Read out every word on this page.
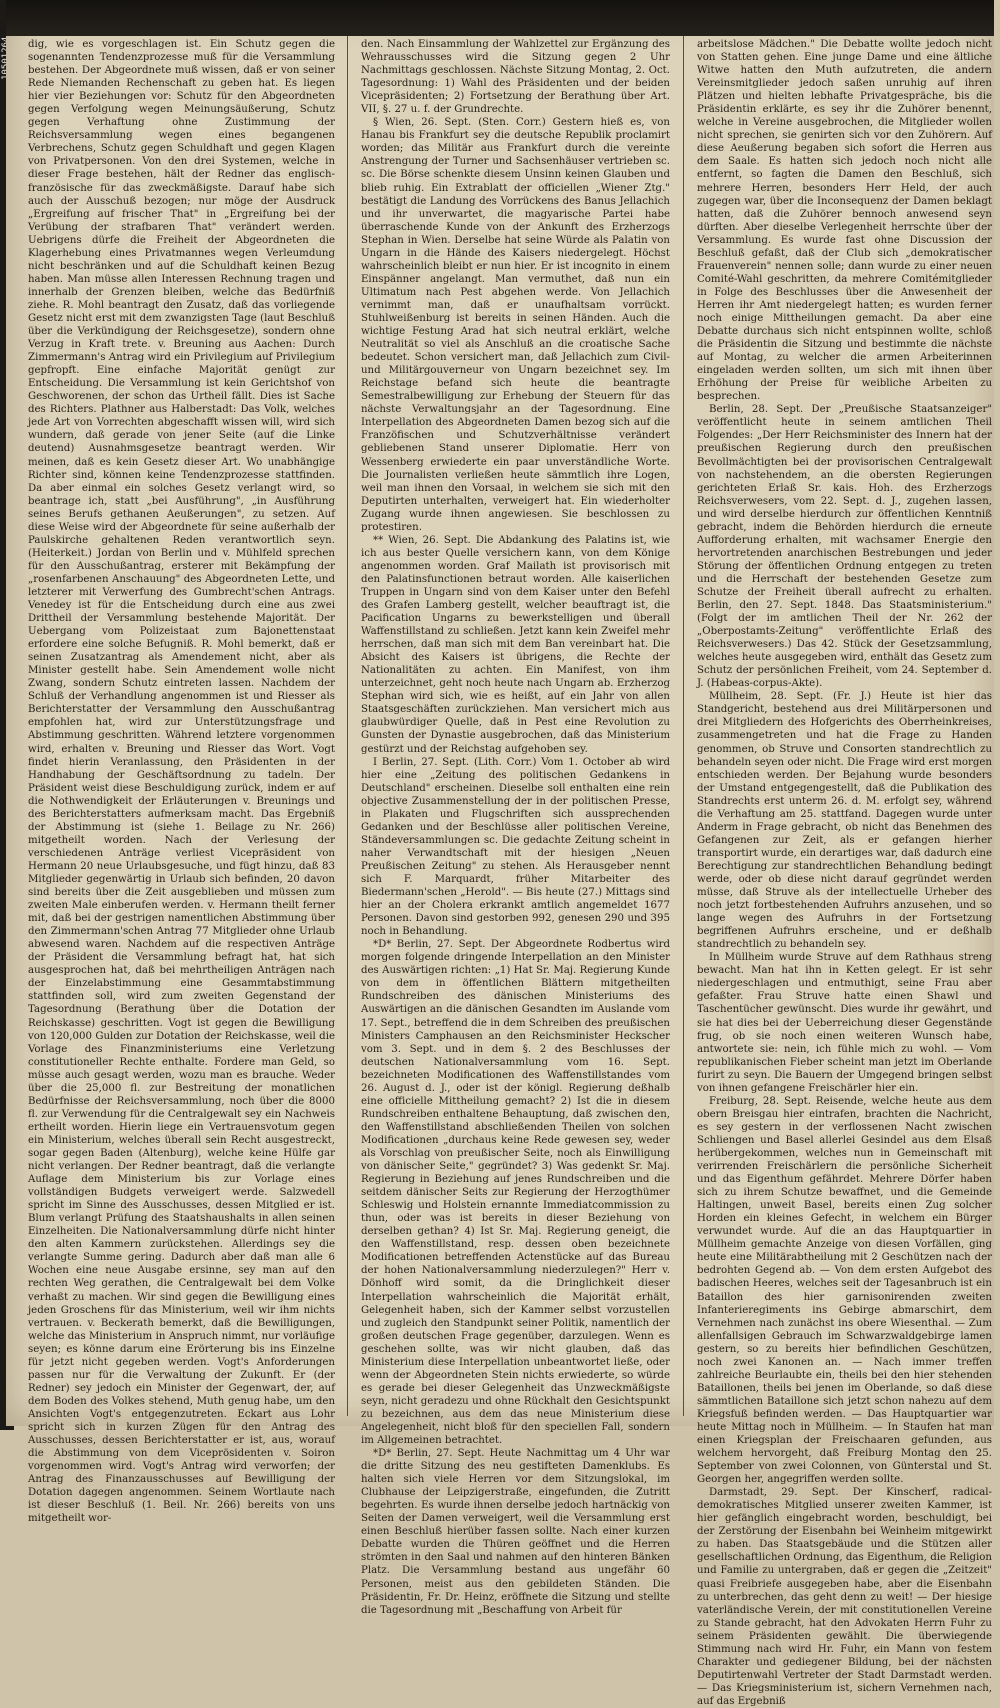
dig, wie es vorgeschlagen ist. Ein Schutz gegen die sogenannten Tendenzprozesse muß für die Versammlung bestehen. Der Abgeordnete muß wissen, daß er von seiner Rede Niemanden Rechenschaft zu geben hat. Es liegen hier vier Beziehungen vor: Schutz für den Abgeordneten gegen Verfolgung wegen Meinungsäußerung, Schutz gegen Verhaftung ohne Zustimmung der Reichsversammlung wegen eines begangenen Verbrechens, Schutz gegen Schuldhaft und gegen Klagen von Privatpersonen. Von den drei Systemen, welche in dieser Frage bestehen, hält der Redner das englisch-französische für das zweckmäßigste. Darauf habe sich auch der Ausschuß bezogen; nur möge der Ausdruck „Ergreifung auf frischer That" in „Ergreifung bei der Verübung der strafbaren That" verändert werden. Uebrigens dürfe die Freiheit der Abgeordneten die Klagerhebung eines Privatmannes wegen Verleumdung nicht beschränken und auf die Schuldhaft keinen Bezug haben. Man müsse allen Interessen Rechnung tragen und innerhalb der Grenzen bleiben, welche das Bedürfniß ziehe. R. Mohl beantragt den Zusatz, daß das vorliegende Gesetz nicht erst mit dem zwanzigsten Tage (laut Beschluß über die Verkündigung der Reichsgesetze), sondern ohne Verzug in Kraft trete. v. Breuning aus Aachen: Durch Zimmermann's Antrag wird ein Privilegium auf Privilegium gepfropft. Eine einfache Majorität genügt zur Entscheidung. Die Versammlung ist kein Gerichtshof von Geschworenen, der schon das Urtheil fällt. Dies ist Sache des Richters. Plathner aus Halberstadt: Das Volk, welches jede Art von Vorrechten abgeschafft wissen will, wird sich wundern, daß gerade von jener Seite (auf die Linke deutend) Ausnahmsgesetze beantragt werden. Wir meinen, daß es kein Gesetz dieser Art. Wo unabhängige Richter sind, können keine Tendenzprozesse stattfinden. Da aber einmal ein solches Gesetz verlangt wird, so beantrage ich, statt „bei Ausführung", „in Ausführung seines Berufs gethanen Aeußerungen", zu setzen. Auf diese Weise wird der Abgeordnete für seine außerhalb der Paulskirche gehaltenen Reden verantwortlich seyn. (Heiterkeit.) Jordan von Berlin und v. Mühlfeld sprechen für den Ausschußantrag, ersterer mit Bekämpfung der „rosenfarbenen Anschauung" des Abgeordneten Lette, und letzterer mit Verwerfung des Gumbrecht'schen Antrags. Venedey ist für die Entscheidung durch eine aus zwei Drittheil der Versammlung bestehende Majorität. Der Uebergang vom Polizeistaat zum Bajonettenstaat erfordere eine solche Befugniß. R. Mohl bemerkt, daß er seinen Zusatzantrag als Amendement nicht, aber als Minister gestellt habe. Sein Amendement wolle nicht Zwang, sondern Schutz eintreten lassen. Nachdem der Schluß der Verhandlung angenommen ist und Riesser als Berichterstatter der Versammlung den Ausschußantrag empfohlen hat, wird zur Unterstützungsfrage und Abstimmung geschritten. Während letztere vorgenommen wird, erhalten v. Breuning und Riesser das Wort. Vogt findet hierin Veranlassung, den Präsidenten in der Handhabung der Geschäftsordnung zu tadeln. Der Präsident weist diese Beschuldigung zurück, indem er auf die Nothwendigkeit der Erläuterungen v. Breunings und des Berichterstatters aufmerksam macht. Das Ergebniß der Abstimmung ist (siehe 1. Beilage zu Nr. 266) mitgetheilt worden. Nach der Verlesung der verschiedenen Anträge verliest Vicepräsident von Hermann 20 neue Urlaubsgesuche, und fügt hinzu, daß 83 Mitglieder gegenwärtig in Urlaub sich befinden, 20 davon sind bereits über die Zeit ausgeblieben und müssen zum zweiten Male einberufen werden. v. Hermann theilt ferner mit, daß bei der gestrigen namentlichen Abstimmung über den Zimmermann'schen Antrag 77 Mitglieder ohne Urlaub abwesend waren. Nachdem auf die respectiven Anträge der Präsident die Versammlung befragt hat, hat sich ausgesprochen hat, daß bei mehrtheiligen Anträgen nach der Einzelabstimmung eine Gesammtabstimmung stattfinden soll, wird zum zweiten Gegenstand der Tagesordnung (Berathung über die Dotation der Reichskasse) geschritten. Vogt ist gegen die Bewilligung von 120,000 Gulden zur Dotation der Reichskasse, weil die Vorlage des Finanzministeriums eine Verletzung constitutioneller Rechte enthalte. Fordere man Geld, so müsse auch gesagt werden, wozu man es brauche. Weder über die 25,000 fl. zur Bestreitung der monatlichen Bedürfnisse der Reichsversammlung, noch über die 8000 fl. zur Verwendung für die Centralgewalt sey ein Nachweis ertheilt worden. Hierin liege ein Vertrauensvotum gegen ein Ministerium, welches überall sein Recht ausgestreckt, sogar gegen Baden (Altenburg), welche keine Hülfe gar nicht verlangen. Der Redner beantragt, daß die verlangte Auflage dem Ministerium bis zur Vorlage eines vollständigen Budgets verweigert werde. Salzwedell spricht im Sinne des Ausschusses, dessen Mitglied er ist. Blum verlangt Prüfung des Staatshaushalts in allen seinen Einzelheiten. Die Nationalversammlung dürfe nicht hinter den alten Kammern zurückstehen. Allerdings sey die verlangte Summe gering. Dadurch aber daß man alle 6 Wochen eine neue Ausgabe ersinne, sey man auf den rechten Weg gerathen, die Centralgewalt bei dem Volke verhaßt zu machen. Wir sind gegen die Bewilligung eines jeden Groschens für das Ministerium, weil wir ihm nichts vertrauen. v. Beckerath bemerkt, daß die Bewilligungen, welche das Ministerium in Anspruch nimmt, nur vorläufige seyen; es könne darum eine Erörterung bis ins Einzelne für jetzt nicht gegeben werden. Vogt's Anforderungen passen nur für die Verwaltung der Zukunft. Er (der Redner) sey jedoch ein Minister der Gegenwart, der, auf dem Boden des Volkes stehend, Muth genug habe, um den Ansichten Vogt's entgegenzutreten. Eckart aus Lohr spricht sich in kurzen Zügen für den Antrag des Ausschusses, dessen Berichterstatter er ist, aus, worauf die Abstimmung von dem Viceprösidenten v. Soiron vorgenommen wird. Vogt's Antrag wird verworfen; der Antrag des Finanzausschusses auf Bewilligung der Dotation dagegen angenommen. Seinem Wortlaute nach ist dieser Beschluß (1. Beil. Nr. 266) bereits von uns mitgetheilt wor-

den. Nach Einsammlung der Wahlzettel zur Ergänzung des Wehrausschusses wird die Sitzung gegen 2 Uhr Nachmittags geschlossen. Nächste Sitzung Montag, 2. Oct. Tagesordnung: 1) Wahl des Präsidenten und der beiden Vicepräsidenten; 2) Fortsetzung der Berathung über Art. VII, §. 27 u. f. der Grundrechte.

§ Wien, 26. Sept. (Sten. Corr.) Gestern hieß es, von Hanau bis Frankfurt sey die deutsche Republik proclamirt worden; das Militär aus Frankfurt durch die vereinte Anstrengung der Turner und Sachsenhäuser vertrieben sc. sc. Die Börse schenkte diesem Unsinn keinen Glauben und blieb ruhig. Ein Extrablatt der officiellen „Wiener Ztg." bestätigt die Landung des Vorrückens des Banus Jellachich und ihr unverwartet, die magyarische Partei habe überraschende Kunde von der Ankunft des Erzherzogs Stephan in Wien. Derselbe hat seine Würde als Palatin von Ungarn in die Hände des Kaisers niedergelegt. Höchst wahrscheinlich bleibt er nun hier. Er ist incognito in einem Einspänner angelangt. Man vermuthet, daß nun ein Ultimatum nach Pest abgehen werde. Von Jellachich vernimmt man, daß er unaufhaltsam vorrückt. Stuhlweißenburg ist bereits in seinen Händen. Auch die wichtige Festung Arad hat sich neutral erklärt, welche Neutralität so viel als Anschluß an die croatische Sache bedeutet. Schon versichert man, daß Jellachich zum Civil- und Militärgouverneur von Ungarn bezeichnet sey. Im Reichstage befand sich heute die beantragte Semestralbewilligung zur Erhebung der Steuern für das nächste Verwaltungsjahr an der Tagesordnung. Eine Interpellation des Abgeordneten Damen bezog sich auf die Franzöfischen und Schutzverhältnisse verändert gebliebenen Stand unserer Diplomatie. Herr von Wessenberg erwiederte ein paar unverständliche Worte. Die Journalisten verließen heute sämmtlich ihre Logen, weil man ihnen den Vorsaal, in welchem sie sich mit den Deputirten unterhalten, verweigert hat. Ein wiederholter Zugang wurde ihnen angewiesen. Sie beschlossen zu protestiren.

** Wien, 26. Sept. Die Abdankung des Palatins ist, wie ich aus bester Quelle versichern kann, von dem Könige angenommen worden. Graf Mailath ist provisorisch mit den Palatinsfunctionen betraut worden. Alle kaiserlichen Truppen in Ungarn sind von dem Kaiser unter den Befehl des Grafen Lamberg gestellt, welcher beauftragt ist, die Pacification Ungarns zu bewerkstelligen und überall Waffenstillstand zu schließen. Jetzt kann kein Zweifel mehr herrschen, daß man sich mit dem Ban vereinbart hat. Die Absicht des Kaisers ist übrigens, die Rechte der Nationalitäten zu achten. Ein Manifest, von ihm unterzeichnet, geht noch heute nach Ungarn ab. Erzherzog Stephan wird sich, wie es heißt, auf ein Jahr von allen Staatsgeschäften zurückziehen. Man versichert mich aus glaubwürdiger Quelle, daß in Pest eine Revolution zu Gunsten der Dynastie ausgebrochen, daß das Ministerium gestürzt und der Reichstag aufgehoben sey.

I Berlin, 27. Sept. (Lith. Corr.) Vom 1. October ab wird hier eine „Zeitung des politischen Gedankens in Deutschland" erscheinen. Dieselbe soll enthalten eine rein objective Zusammenstellung der in der politischen Presse, in Plakaten und Flugschriften sich aussprechenden Gedanken und der Beschlüsse aller politischen Vereine, Ständeversammlungen sc. Die gedachte Zeitung scheint in naher Verwandtschaft mit der hiesigen „Neuen Preußischen Zeitung" zu stehen. Als Herausgeber nennt sich F. Marquardt, früher Mitarbeiter des Biedermann'schen „Herold". — Bis heute (27.) Mittags sind hier an der Cholera erkrankt amtlich angemeldet 1677 Personen. Davon sind gestorben 992, genesen 290 und 395 noch in Behandlung.

*D* Berlin, 27. Sept. Der Abgeordnete Rodbertus wird morgen folgende dringende Interpellation an den Minister des Auswärtigen richten: „1) Hat Sr. Maj. Regierung Kunde von dem in öffentlichen Blättern mitgetheilten Rundschreiben des dänischen Ministeriums des Auswärtigen an die dänischen Gesandten im Auslande vom 17. Sept., betreffend die in dem Schreiben des preußischen Ministers Camphausen an den Reichsminister Heckscher vom 3. Sept. und in dem §. 2 des Beschlusses der deutschen Nationalversammlung vom 16. Sept. bezeichneten Modificationen des Waffenstillstandes vom 26. August d. J., oder ist der königl. Regierung deßhalb eine officielle Mittheilung gemacht? 2) Ist die in diesem Rundschreiben enthaltene Behauptung, daß zwischen den, den Waffenstillstand abschließenden Theilen von solchen Modificationen „durchaus keine Rede gewesen sey, weder als Vorschlag von preußischer Seite, noch als Einwilligung von dänischer Seite," gegründet? 3) Was gedenkt Sr. Maj. Regierung in Beziehung auf jenes Rundschreiben und die seitdem dänischer Seits zur Regierung der Herzogthümer Schleswig und Holstein ernannte Immediatcommission zu thun, oder was ist bereits in dieser Beziehung von derselben gethan? 4) Ist Sr. Maj. Regierung geneigt, die den Waffenstillstand, resp. dessen oben bezeichnete Modificationen betreffenden Actenstücke auf das Bureau der hohen Nationalversammlung niederzulegen?" Herr v. Dönhoff wird somit, da die Dringlichkeit dieser Interpellation wahrscheinlich die Majorität erhält, Gelegenheit haben, sich der Kammer selbst vorzustellen und zugleich den Standpunkt seiner Politik, namentlich der großen deutschen Frage gegenüber, darzulegen. Wenn es geschehen sollte, was wir nicht glauben, daß das Ministerium diese Interpellation unbeantwortet ließe, oder wenn der Abgeordneten Stein nichts erwiederte, so würde es gerade bei dieser Gelegenheit das Unzweckmäßigste seyn, nicht geradezu und ohne Rückhalt den Gesichtspunkt zu bezeichnen, aus dem das neue Ministerium diese Angelegenheit, nicht bloß für den speciellen Fall, sondern im Allgemeinen betrachtet.

*D* Berlin, 27. Sept. Heute Nachmittag um 4 Uhr war die dritte Sitzung des neu gestifteten Damenklubs. Es halten sich viele Herren vor dem Sitzungslokal, im Clubhause der Leipzigerstraße, eingefunden, die Zutritt begehrten. Es wurde ihnen derselbe jedoch hartnäckig von Seiten der Damen verweigert, weil die Versammlung erst einen Beschluß hierüber fassen sollte. Nach einer kurzen Debatte wurden die Thüren geöffnet und die Herren strömten in den Saal und nahmen auf den hinteren Bänken Platz. Die Versammlung bestand aus ungefähr 60 Personen, meist aus den gebildeten Ständen. Die Präsidentin, Fr. Dr. Heinz, eröffnete die Sitzung und stellte die Tagesordnung mit „Beschaffung von Arbeit für

arbeitslose Mädchen." Die Debatte wollte jedoch nicht von Statten gehen. Eine junge Dame und eine ältliche Witwe hatten den Muth aufzutreten, die andern Vereinsmitglieder jedoch saßen unruhig auf ihren Plätzen und hielten lebhafte Privatgespräche, bis die Präsidentin erklärte, es sey ihr die Zuhörer benennt, welche in Vereine ausgebrochen, die Mitglieder wollen nicht sprechen, sie genirten sich vor den Zuhörern. Auf diese Aeußerung begaben sich sofort die Herren aus dem Saale. Es hatten sich jedoch noch nicht alle entfernt, so fagten die Damen den Beschluß, sich mehrere Herren, besonders Herr Held, der auch zugegen war, über die Inconsequenz der Damen beklagt hatten, daß die Zuhörer bennoch anwesend seyn dürften. Aber dieselbe Verlegenheit herrschte über der Versammlung. Es wurde fast ohne Discussion der Beschluß gefaßt, daß der Club sich „demokratischer Frauenverein" nennen solle; dann wurde zu einer neuen Comité-Wahl geschritten, da mehrere Comitémitglieder in Folge des Beschlusses über die Anwesenheit der Herren ihr Amt niedergelegt hatten; es wurden ferner noch einige Mittheilungen gemacht. Da aber eine Debatte durchaus sich nicht entspinnen wollte, schloß die Präsidentin die Sitzung und bestimmte die nächste auf Montag, zu welcher die armen Arbeiterinnen eingeladen werden sollten, um sich mit ihnen über Erhöhung der Preise für weibliche Arbeiten zu besprechen.

Berlin, 28. Sept. Der „Preußische Staatsanzeiger" veröffentlicht heute in seinem amtlichen Theil Folgendes: „Der Herr Reichsminister des Innern hat der preußischen Regierung durch den preußischen Bevollmächtigten bei der provisorischen Centralgewalt von nachstehendem, an die obersten Regierungen gerichteten Erlaß Sr. kais. Hoh. des Erzherzogs Reichsverwesers, vom 22. Sept. d. J., zugehen lassen, und wird derselbe hierdurch zur öffentlichen Kenntniß gebracht, indem die Behörden hierdurch die erneute Aufforderung erhalten, mit wachsamer Energie den hervortretenden anarchischen Bestrebungen und jeder Störung der öffentlichen Ordnung entgegen zu treten und die Herrschaft der bestehenden Gesetze zum Schutze der Freiheit überall aufrecht zu erhalten. Berlin, den 27. Sept. 1848. Das Staatsministerium." (Folgt der im amtlichen Theil der Nr. 262 der „Oberpostamts-Zeitung" veröffentlichte Erlaß des Reichsverwesers.) Das 42. Stück der Gesetzsammlung, welches heute ausgegeben wird, enthält das Gesetz zum Schutz der persönlichen Freiheit, vom 24. September d. J. (Habeas-corpus-Akte).

Müllheim, 28. Sept. (Fr. J.) Heute ist hier das Standgericht, bestehend aus drei Militärpersonen und drei Mitgliedern des Hofgerichts des Oberrheinkreises, zusammengetreten und hat die Frage zu Handen genommen, ob Struve und Consorten standrechtlich zu behandeln seyen oder nicht. Die Frage wird erst morgen entschieden werden. Der Bejahung wurde besonders der Umstand entgegengestellt, daß die Publikation des Standrechts erst unterm 26. d. M. erfolgt sey, während die Verhaftung am 25. stattfand. Dagegen wurde unter Anderm in Frage gebracht, ob nicht das Benehmen des Gefangenen zur Zeit, als er gefangen hierher transportirt wurde, ein derartiges war, daß dadurch eine Berechtigung zur standrechtlichen Behandlung bedingt werde, oder ob diese nicht darauf gegründet werden müsse, daß Struve als der intellectuelle Urheber des noch jetzt fortbestehenden Aufruhrs anzusehen, und so lange wegen des Aufruhrs in der Fortsetzung begriffenen Aufruhrs erscheine, und er deßhalb standrechtlich zu behandeln sey.

In Müllheim wurde Struve auf dem Rathhaus streng bewacht. Man hat ihn in Ketten gelegt. Er ist sehr niedergeschlagen und entmuthigt, seine Frau aber gefaßter. Frau Struve hatte einen Shawl und Taschentücher gewünscht. Dies wurde ihr gewährt, und sie hat dies bei der Ueberreichung dieser Gegenstände frug, ob sie noch einen weiteren Wunsch habe, antwortete sie: nein, ich fühle mich zu wohl. — Vom republikanischen Fieber scheint man jetzt im Oberlande furirt zu seyn. Die Bauern der Umgegend bringen selbst von ihnen gefangene Freischärler hier ein.

Freiburg, 28. Sept. Reisende, welche heute aus dem obern Breisgau hier eintrafen, brachten die Nachricht, es sey gestern in der verflossenen Nacht zwischen Schliengen und Basel allerlei Gesindel aus dem Elsaß herübergekommen, welches nun in Gemeinschaft mit verirrenden Freischärlern die persönliche Sicherheit und das Eigenthum gefährdet. Mehrere Dörfer haben sich zu ihrem Schutze bewaffnet, und die Gemeinde Haltingen, unweit Basel, bereits einen Zug solcher Horden ein kleines Gefecht, in welchem ein Bürger verwundet wurde. Auf die an das Hauptquartier in Müllheim gemachte Anzeige von diesen Vorfällen, ging heute eine Militärabtheilung mit 2 Geschützen nach der bedrohten Gegend ab. — Von dem ersten Aufgebot des badischen Heeres, welches seit der Tagesanbruch ist ein Bataillon des hier garnisonirenden zweiten Infanterieregiments ins Gebirge abmarschirt, dem Vernehmen nach zunächst ins obere Wiesenthal. — Zum allenfallsigen Gebrauch im Schwarzwaldgebirge lamen gestern, so zu bereits hier befindlichen Geschützen, noch zwei Kanonen an. — Nach immer treffen zahlreiche Beurlaubte ein, theils bei den hier stehenden Bataillonen, theils bei jenen im Oberlande, so daß diese sämmtlichen Bataillone sich jetzt schon nahezu auf dem Kriegsfuß befinden werden. — Das Hauptquartier war heute Mittag noch in Müllheim. — In Staufen hat man einen Kriegsplan der Freischaaren gefunden, aus welchem hervorgeht, daß Freiburg Montag den 25. September von zwei Colonnen, von Günterstal und St. Georgen her, angegriffen werden sollte.

Darmstadt, 29. Sept. Der Kinscherf, radical-demokratisches Mitglied unserer zweiten Kammer, ist hier gefänglich eingebracht worden, beschuldigt, bei der Zerstörung der Eisenbahn bei Weinheim mitgewirkt zu haben. Das Staatsgebäude und die Stützen aller gesellschaftlichen Ordnung, das Eigenthum, die Religion und Familie zu untergraben, daß er gegen die „Zeitzeit" quasi Freibriefe ausgegeben habe, aber die Eisenbahn zu unterbrechen, das geht denn zu weit! — Der hiesige vaterländische Verein, der mit constitutionellen Vereine zu Stande gebracht, hat den Advokaten Herrn Fuhr zu seinem Präsidenten gewählt. Die überwiegende Stimmung nach wird Hr. Fuhr, ein Mann von festem Charakter und gediegener Bildung, bei der nächsten Deputirtenwahl Vertreter der Stadt Darmstadt werden. — Das Kriegsministerium ist, sichern Vernehmen nach, auf das Ergebniß
